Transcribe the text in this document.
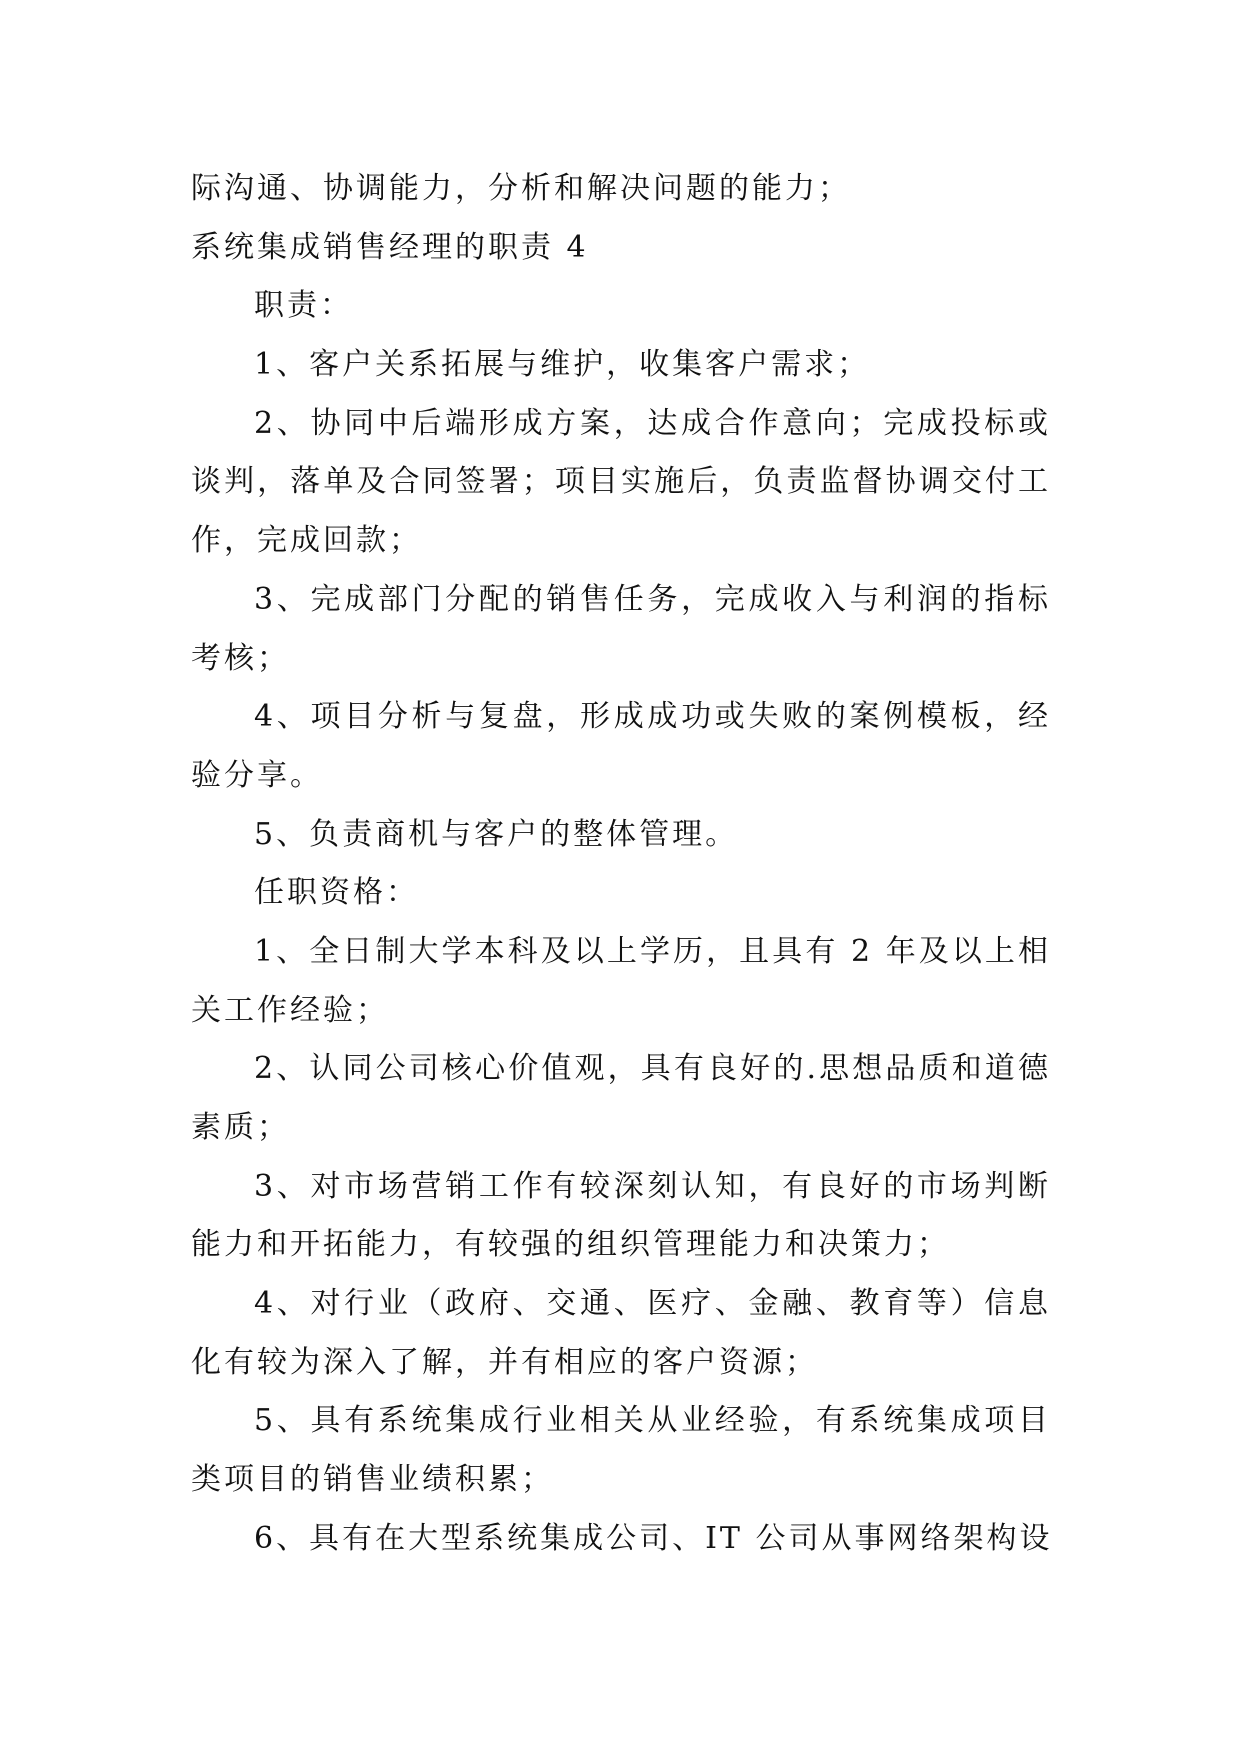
际沟通、协调能力，分析和解决问题的能力；
系统集成销售经理的职责 4
职责：
1、客户关系拓展与维护，收集客户需求；
2、协同中后端形成方案，达成合作意向；完成投标或
谈判，落单及合同签署；项目实施后，负责监督协调交付工
作，完成回款；
3、完成部门分配的销售任务，完成收入与利润的指标
考核；
4、项目分析与复盘，形成成功或失败的案例模板，经
验分享。
5、负责商机与客户的整体管理。
任职资格：
1、全日制大学本科及以上学历，且具有 2 年及以上相
关工作经验；
2、认同公司核心价值观，具有良好的.思想品质和道德
素质；
3、对市场营销工作有较深刻认知，有良好的市场判断
能力和开拓能力，有较强的组织管理能力和决策力；
4、对行业（政府、交通、医疗、金融、教育等）信息
化有较为深入了解，并有相应的客户资源；
5、具有系统集成行业相关从业经验，有系统集成项目
类项目的销售业绩积累；
6、具有在大型系统集成公司、IT 公司从事网络架构设
